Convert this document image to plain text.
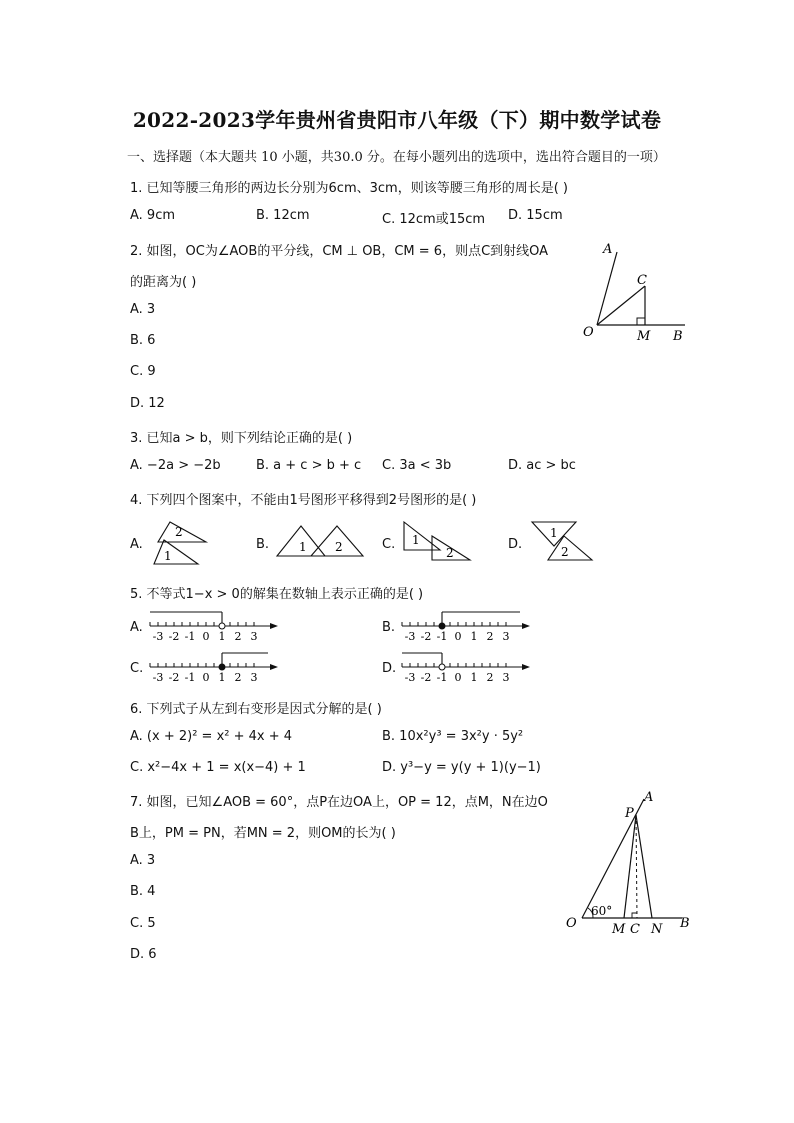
2022-2023学年贵州省贵阳市八年级（下）期中数学试卷
一、选择题（本大题共 10 小题，共30.0 分。在每小题列出的选项中，选出符合题目的一项）
1. 已知等腰三角形的两边长分别为6cm、3cm，则该等腰三角形的周长是( )
A. 9cm	B. 12cm	C. 12cm或15cm D. 15cm
2. 如图，OC为∠AOB的平分线，CM ⊥ OB，CM = 6，则点C到射线OA
的距离为( )
A. 3
B. 6
C. 9
D. 12
A
C
O	M B
3. 已知a > b，则下列结论正确的是( )
A. −2a > −2b	B. a + c > b + c C. 3a < 3b	D. ac > bc
4. 下列四个图案中，不能由1号图形平移得到2号图形的是( )
A.	B.	C.	D.
2
1
1 2	1
2
1
2
5. 不等式1−x > 0的解集在数轴上表示正确的是( )
A.	B.
C.	D.
-3 -2 -1 0 1 2 3	-3 -2 -1 0 1 2 3
-3 -2 -1 0 1 2 3	-3 -2 -1 0 1 2 3
6. 下列式子从左到右变形是因式分解的是( )
A. (x + 2)² = x² + 4x + 4	B. 10x²y³ = 3x²y · 5y²
C. x²−4x + 1 = x(x−4) + 1	D. y³−y = y(y + 1)(y−1)
7. 如图，已知∠AOB = 60°，点P在边OA上，OP = 12，点M，N在边O
B上，PM = PN，若MN = 2，则OM的长为( )
A. 3
B. 4
C. 5
D. 6
P
A
60°
O	M C N B
